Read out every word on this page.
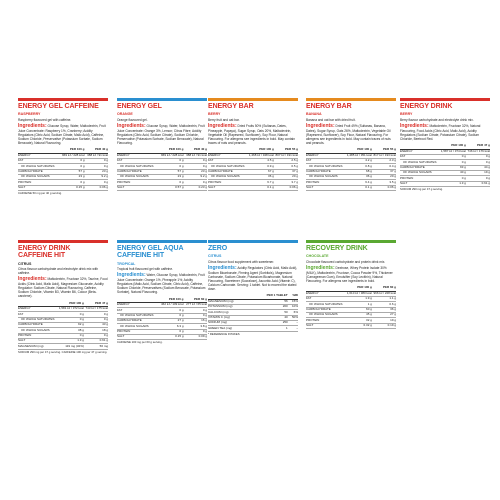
ENERGY GEL CAFFEINE
RASPBERRY
Raspberry flavoured gel with caffeine.
Ingredients: Glucose Syrup, Water, Maltodextrin, Fruit Juice Concentrate: Raspberry 1%, Cranberry; Acidity Regulators (Citric Acid, Sodium Citrate, Malic Acid), Caffeine, Sodium Chloride, Preservative (Potassium Sorbate, Sodium Benzoate), Natural Flavouring.
	PER 100 g	PER 40 g
ENERGY	969 kJ / 228 kcal	388 kJ / 91 kcal
FAT	0 g	0 g
OF WHICH SATURATES	0 g	0 g
CARBOHYDRATE	57 g	23 g
OF WHICH SUGARS	23 g	9.2 g
PROTEIN	0 g	0 g
SALT	0.15 g	0.06 g
CAFFEINE 50 mg per 40 g serving.
ENERGY GEL
ORANGE
Orange flavoured gel.
Ingredients: Glucose Syrup, Water, Maltodextrin, Fruit Juice Concentrate: Orange 3%, Lemon; Citrus Fibre; Acidity Regulators (Citric Acid, Sodium Citrate), Sodium Chloride, Preservative (Potassium Sorbate, Sodium Benzoate), Natural Flavouring.
	PER 100 g	PER 40 g
ENERGY	969 kJ / 228 kcal	388 kJ / 91 kcal
FAT	0 g	0 g
OF WHICH SATURATES	0 g	0 g
CARBOHYDRATE	57 g	23 g
OF WHICH SUGARS	23 g	9.2 g
PROTEIN	0 g	0 g
SALT	0.57 g	0.23 g
ENERGY BAR
BERRY
Berry fruit and oat bar.
Ingredients: Dried Fruits 50% (Sultanas, Dates, Pineapple, Papaya), Sugar Syrup, Oats 20%, Maltodextrin, Vegetable Oil (Rapeseed, Sunflower), Soy Flour, Natural Flavouring. For allergens see ingredients in bold. May contain traces of nuts and peanuts.
	PER 100 g	PER 55 g
ENERGY	1,468 kJ / 348 kcal	807 kJ / 191 kcal
FAT	4.5 g	2.5 g
OF WHICH SATURATES	0.9 g	0.5 g
CARBOHYDRATE	67 g	37 g
OF WHICH SUGARS	36 g	20 g
PROTEIN	6.7 g	3.7 g
SALT	0.1 g	0.06 g
ENERGY BAR
BANANA
Banana and oat bar with dried fruit.
Ingredients: Dried Fruit 49% (Sultanas, Banana, Dates), Sugar Syrup, Oats 26%, Maltodextrin, Vegetable Oil (Rapeseed, Sunflower), Soy Flour, Natural Flavouring. For allergens see ingredients in bold. May contain traces of nuts and peanuts.
	PER 100 g	PER 55 g
ENERGY	1,485 kJ / 351 kcal	817 kJ / 193 kcal
FAT	4.2 g	2.3 g
OF WHICH SATURATES	0.8 g	0.4 g
CARBOHYDRATE	68 g	37 g
OF WHICH SUGARS	36 g	20 g
PROTEIN	6.4 g	3.5 g
SALT	0.1 g	0.06 g
ENERGY DRINK
BERRY
Berry flavour carbohydrate and electrolyte drink mix.
Ingredients: Maltodextrin, Fructose 32%, Natural Flavouring, Food Acids (Citric Acid, Malic Acid), Acidity Regulators (Sodium Citrate, Potassium Citrate), Sodium Chloride, Beetroot Red.
	PER 100 g	PER 47 g
ENERGY	1,587 kJ / 374 kcal	746 kJ / 176 kcal
FAT	0 g	0 g
OF WHICH SATURATES	0 g	0 g
CARBOHYDRATE	93 g	44 g
OF WHICH SUGARS	40 g	19 g
PROTEIN	0 g	0 g
SALT	1.3 g	0.61 g
SODIUM 290 mg per 47 g serving.
ENERGY DRINK
CAFFEINE HIT
CITRUS
Citrus flavour carbohydrate and electrolyte drink mix with caffeine.
Ingredients: Maltodextrin, Fructose 32%, Taurine, Food Acids (Citric Acid, Malic Acid), Magnesium Gluconate, Acidity Regulator: Sodium Citrate, Natural Flavouring, Caffeine, Sodium Chloride, Vitamin B3, Vitamin B6, Colour (Beta-carotene).
	PER 100 g	PER 47 g
ENERGY	1,581 kJ / 372 kcal	743 kJ / 175 kcal
FAT	0 g	0 g
OF WHICH SATURATES	0 g	0 g
CARBOHYDRATE	92 g	43 g
OF WHICH SUGARS	38 g	18 g
PROTEIN	0 g	0 g
SALT	1.3 g	0.61 g
MAGNESIUM (mg)	119 mg (32%)	56 mg
SODIUM 290 mg per 47 g serving. CAFFEINE 100 mg per 47 g serving.
ENERGY GEL AQUA
CAFFEINE HIT
TROPICAL
Tropical fruit flavoured gel with caffeine.
Ingredients: Water, Glucose Syrup, Maltodextrin, Fruit Juice Concentrate: Orange 1%, Pineapple 1%; Acidity Regulators (Malic Acid, Sodium Citrate, Citric Acid), Caffeine, Sodium Chloride, Preservatives (Sodium Benzoate, Potassium Sorbate), Natural Flavouring.
	PER 100 g	PER 60 g
ENERGY	462 kJ / 109 kcal	277 kJ / 65 kcal
FAT	0 g	0 g
OF WHICH SATURATES	0 g	0 g
CARBOHYDRATE	27 g	16 g
OF WHICH SUGARS	6.3 g	3.8 g
PROTEIN	0 g	0 g
SALT	0.15 g	0.09 g
CAFFEINE 100 mg per 60 g serving.
ZERO
CITRUS
Citrus flavour food supplement with sweetener.
Ingredients: Acidity Regulators (Citric Acid, Malic Acid), Sodium Bicarbonate, Firming Agent (Sorbitols), Magnesium Carbonate, Sodium Citrate, Potassium Bicarbonate, Natural Flavouring, Sweetener (Sucralose), Ascorbic Acid (Vitamin C), Calcium Carbonate. Serving: 1 tablet. Not to exceed the stated dose.
	PER 1 TABLET	%RI
MAGNESIUM (mg)	56	15%
POTASSIUM (mg)	200	10%
CALCIUM (mg)	50	6%
VITAMIN C (mg)	40	50%
SODIUM (mg)	250	–
GREEN TEA (mg)	1	–
* REFERENCE INTAKES
RECOVERY DRINK
CHOCOLATE
Chocolate flavoured carbohydrate and protein drink mix.
Ingredients: Dextrose, Whey Protein Isolate 30% (MILK), Maltodextrin, Fructose, Cocoa Powder 9%, Thickener (Carrageenan Gum), Emulsifier (Soy Lecithin), Natural Flavouring. For allergens see ingredients in bold.
	PER 100 g	PER 60 g
ENERGY	1,610 kJ / 380 kcal	966 kJ / 228 kcal
FAT	1.9 g	1.1 g
OF WHICH SATURATES	1 g	0.6 g
CARBOHYDRATE	60 g	36 g
OF WHICH SUGARS	45 g	27 g
PROTEIN	32 g	19 g
SALT	0.32 g	0.19 g
